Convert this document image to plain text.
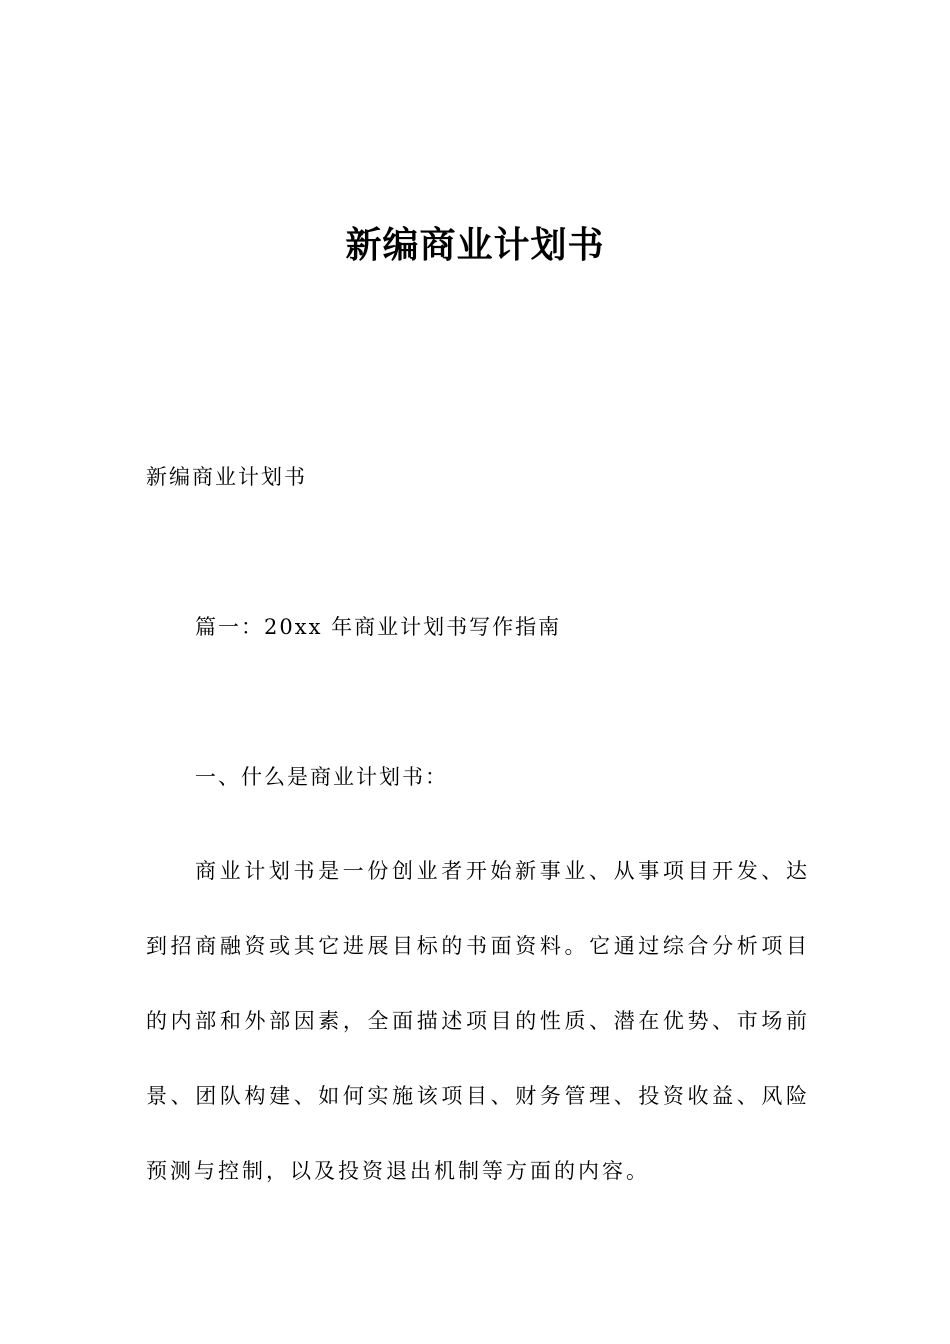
新编商业计划书
新编商业计划书
篇一：20xx 年商业计划书写作指南
一、什么是商业计划书：

商业计划书是一份创业者开始新事业、从事项目开发、达到招商融资或其它进展目标的书面资料。它通过综合分析项目的内部和外部因素，全面描述项目的性质、潜在优势、市场前景、团队构建、如何实施该项目、财务管理、投资收益、风险预测与控制，以及投资退出机制等方面的内容。
